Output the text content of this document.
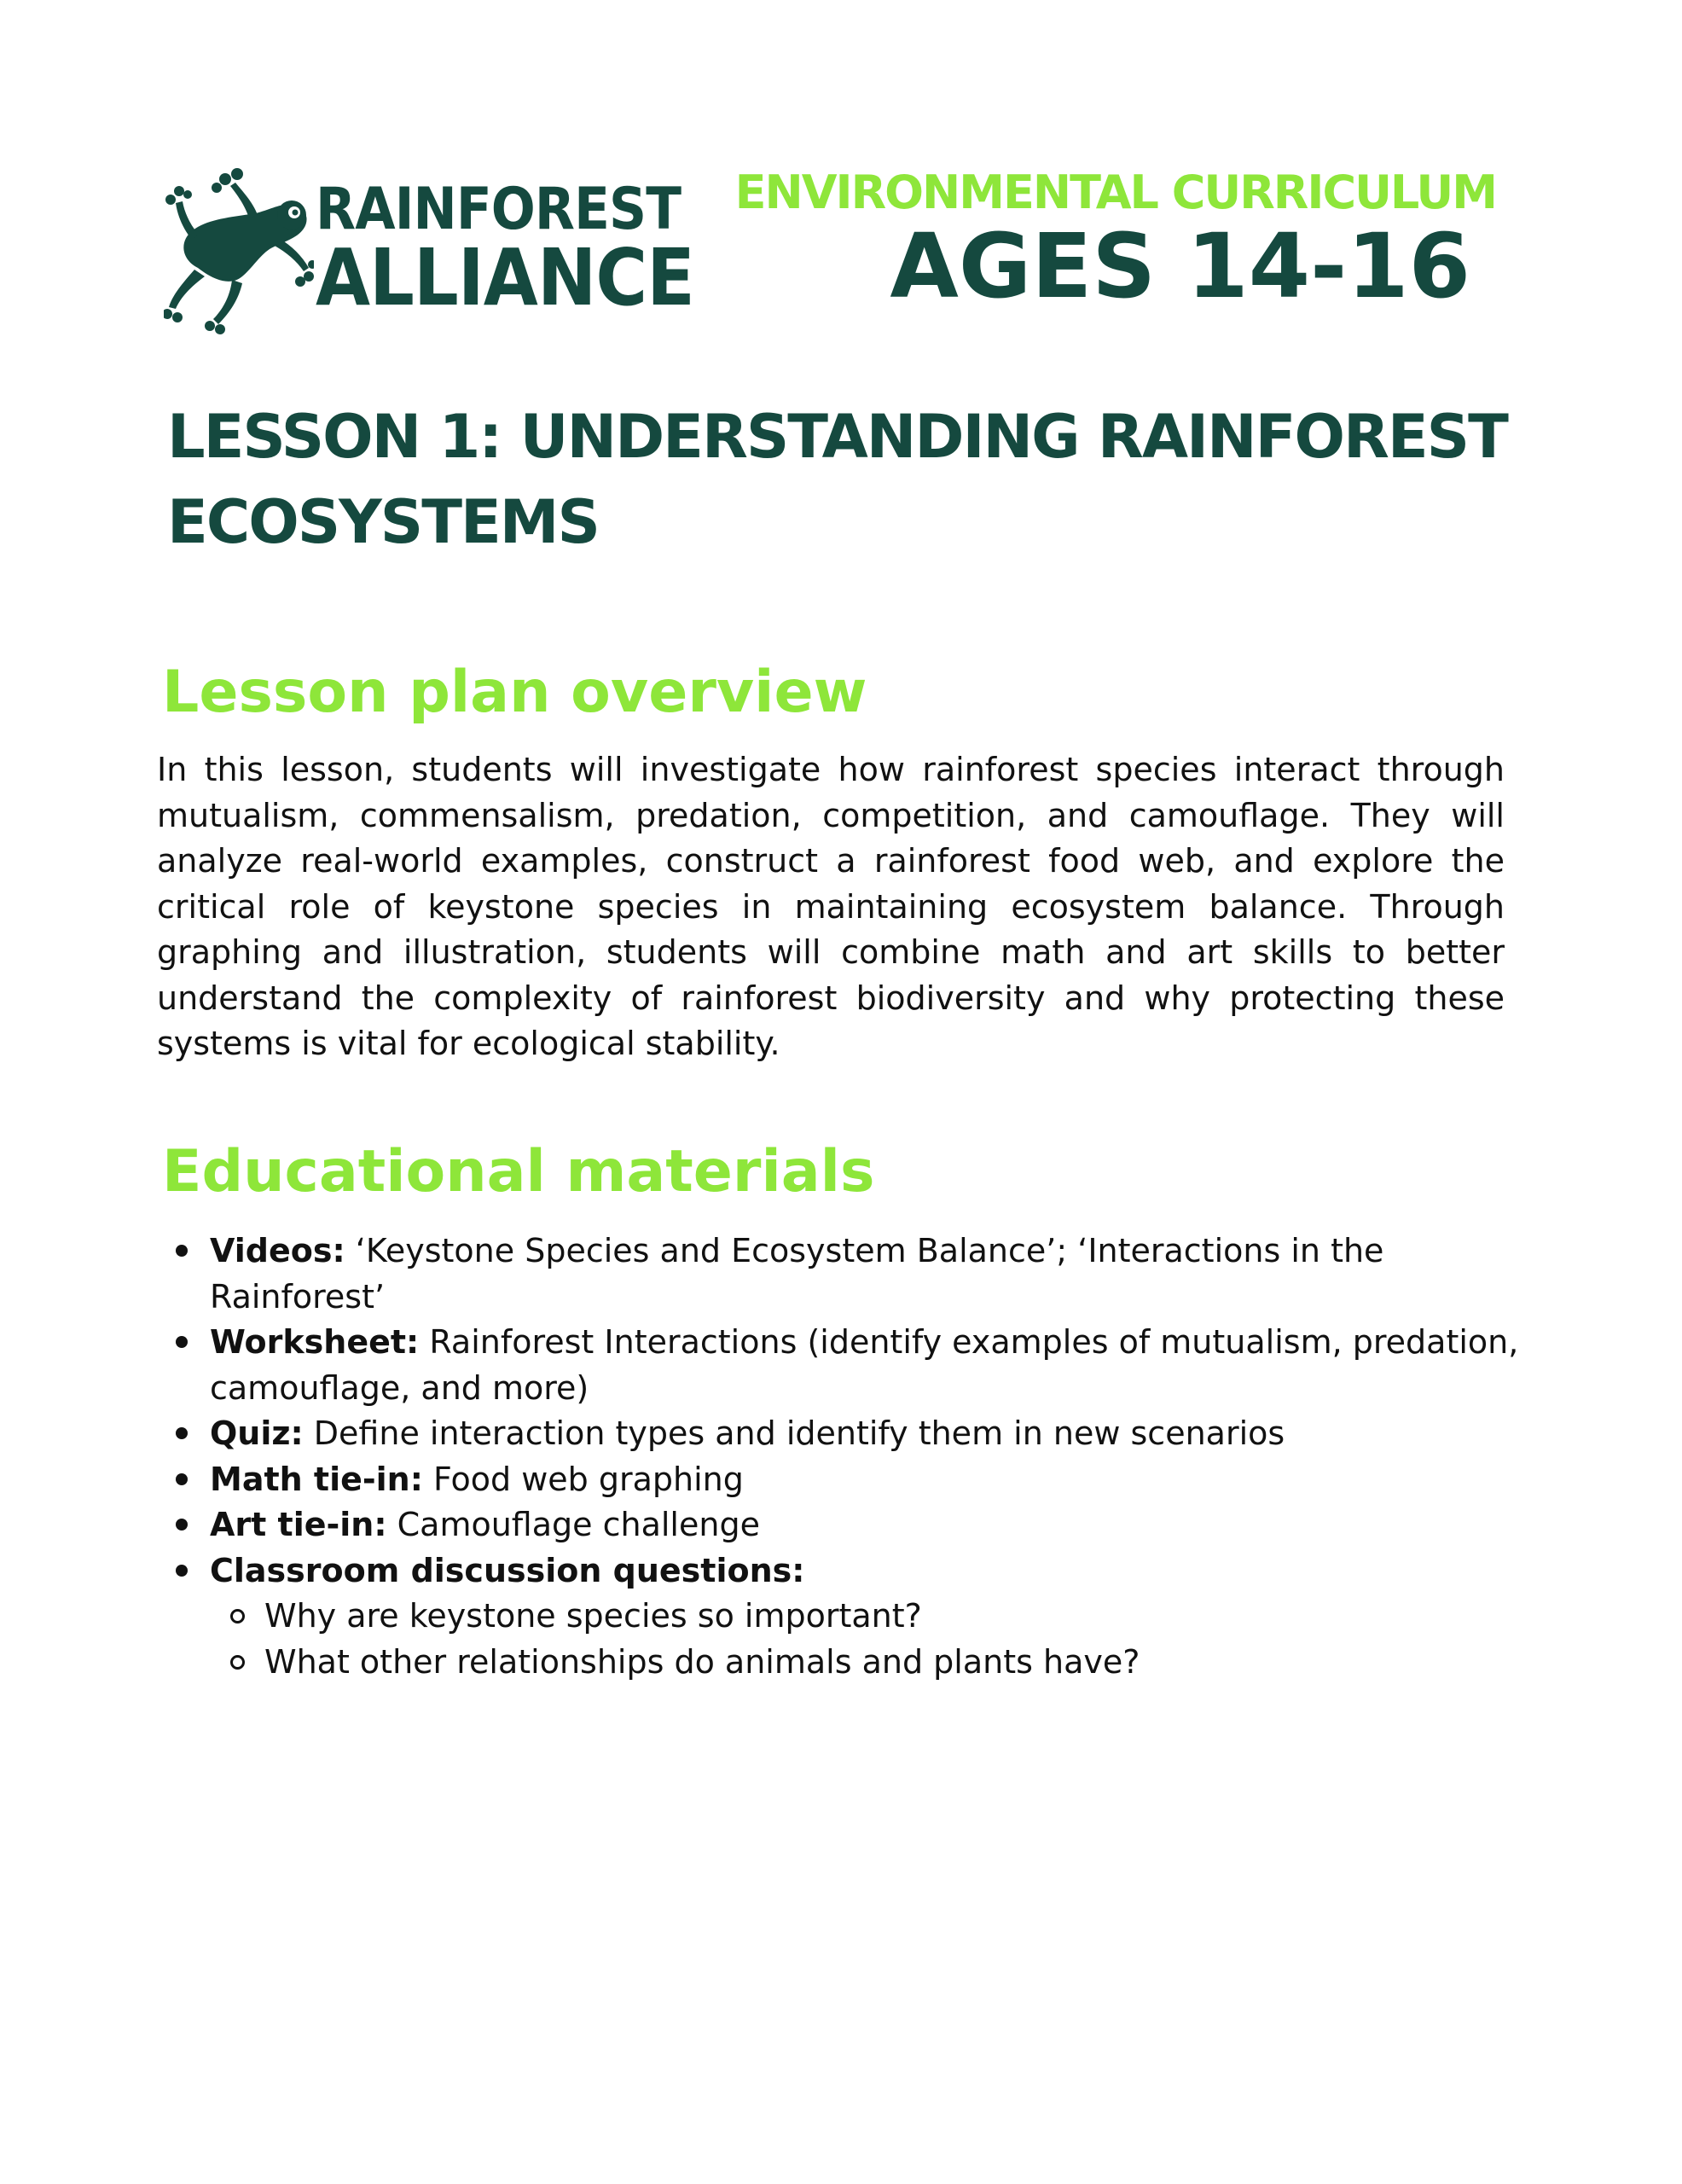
RAINFOREST
ALLIANCE
ENVIRONMENTAL CURRICULUM
AGES 14-16
LESSON 1: UNDERSTANDING RAINFOREST ECOSYSTEMS
Lesson plan overview

In this lesson, students will investigate how rainforest species interact through mutualism, commensalism, predation, competition, and camouflage. They will analyze real-world examples, construct a rainforest food web, and explore the critical role of keystone species in maintaining ecosystem balance. Through graphing and illustration, students will combine math and art skills to better understand the complexity of rainforest biodiversity and why protecting these systems is vital for ecological stability.

Educational materials
Videos: ‘Keystone Species and Ecosystem Balance’; ‘Interactions in the Rainforest’
Worksheet: Rainforest Interactions (identify examples of mutualism, predation, camouflage, and more)
Quiz: Define interaction types and identify them in new scenarios
Math tie-in: Food web graphing
Art tie-in: Camouflage challenge
Classroom discussion questions:
Why are keystone species so important?
What other relationships do animals and plants have?
